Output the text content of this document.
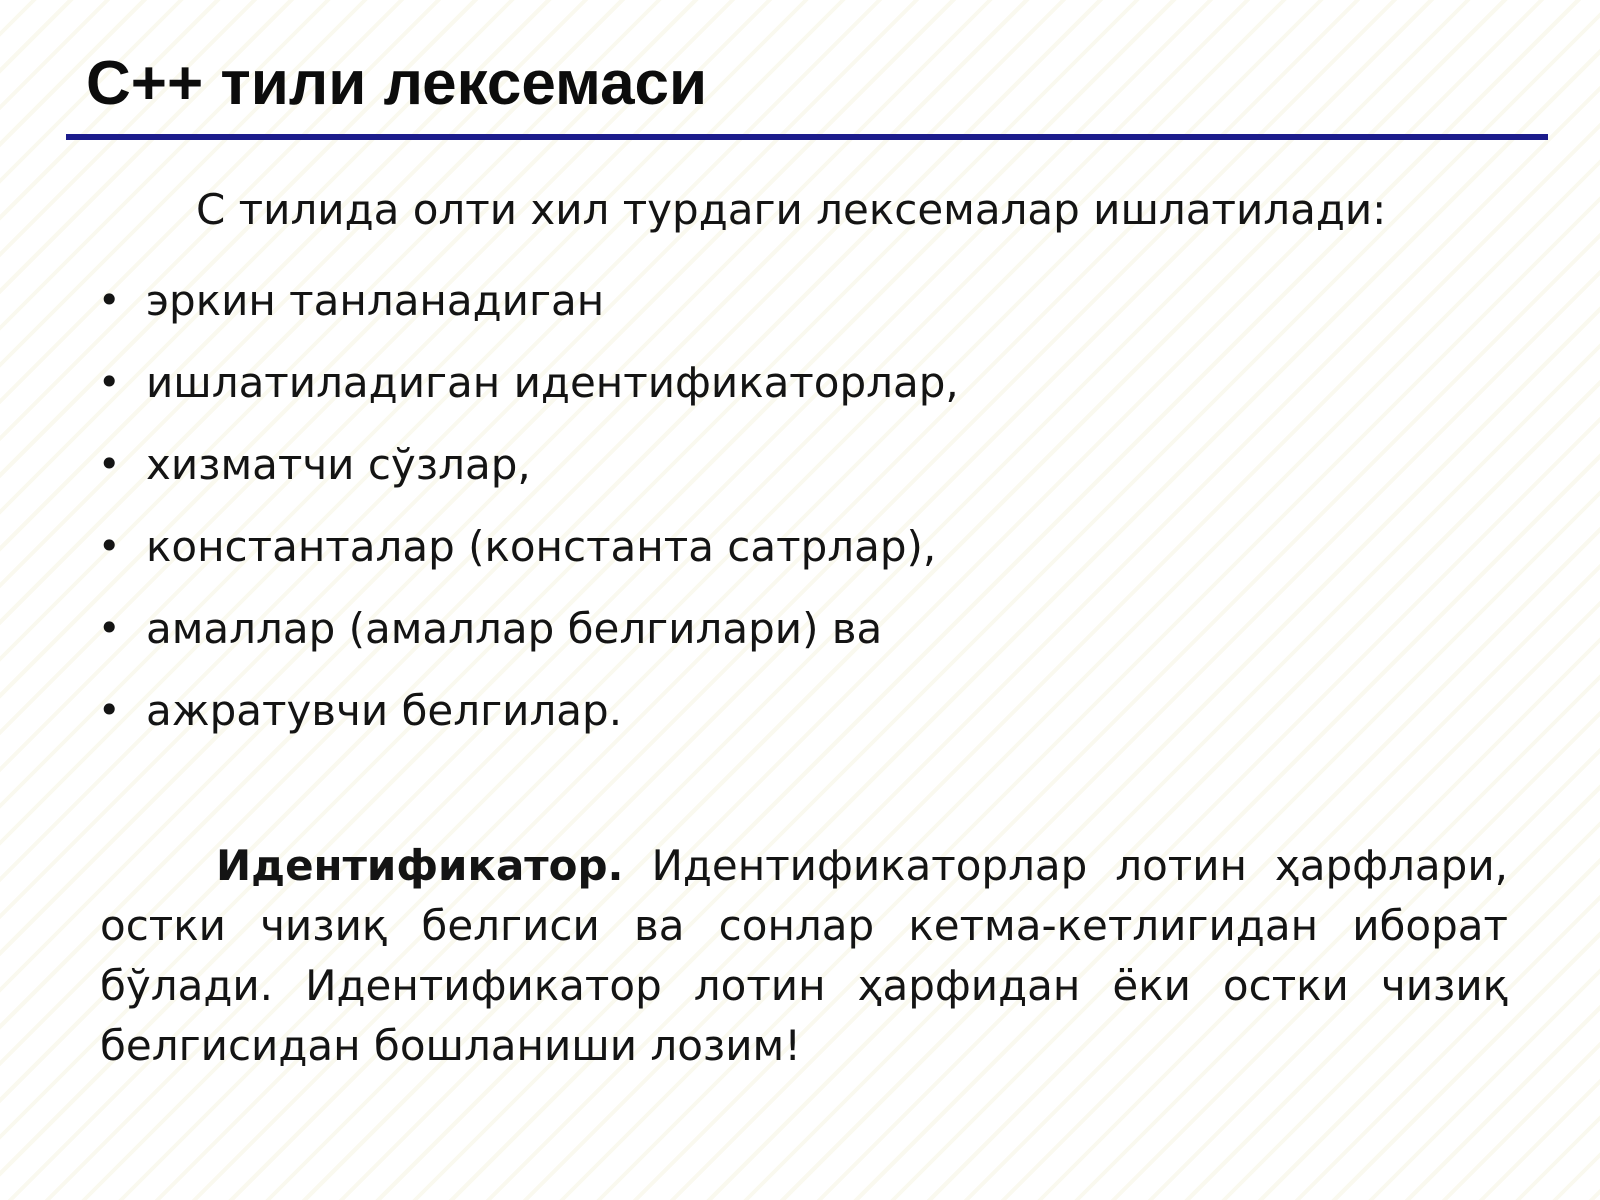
C++ тили лексемаси

С тилида олти хил турдаги лексемалар ишлатилади:

• эркин танланадиган
• ишлатиладиган идентификаторлар,
• хизматчи сўзлар,
• константалар (константа сатрлар),
• амаллар (амаллар белгилари) ва
• ажратувчи белгилар.

Идентификатор. Идентификаторлар лотин ҳарфлари, остки чизиқ белгиси ва сонлар кетма-кетлигидан иборат бўлади. Идентификатор лотин ҳарфидан ёки остки чизиқ белгисидан бошланиши лозим!
